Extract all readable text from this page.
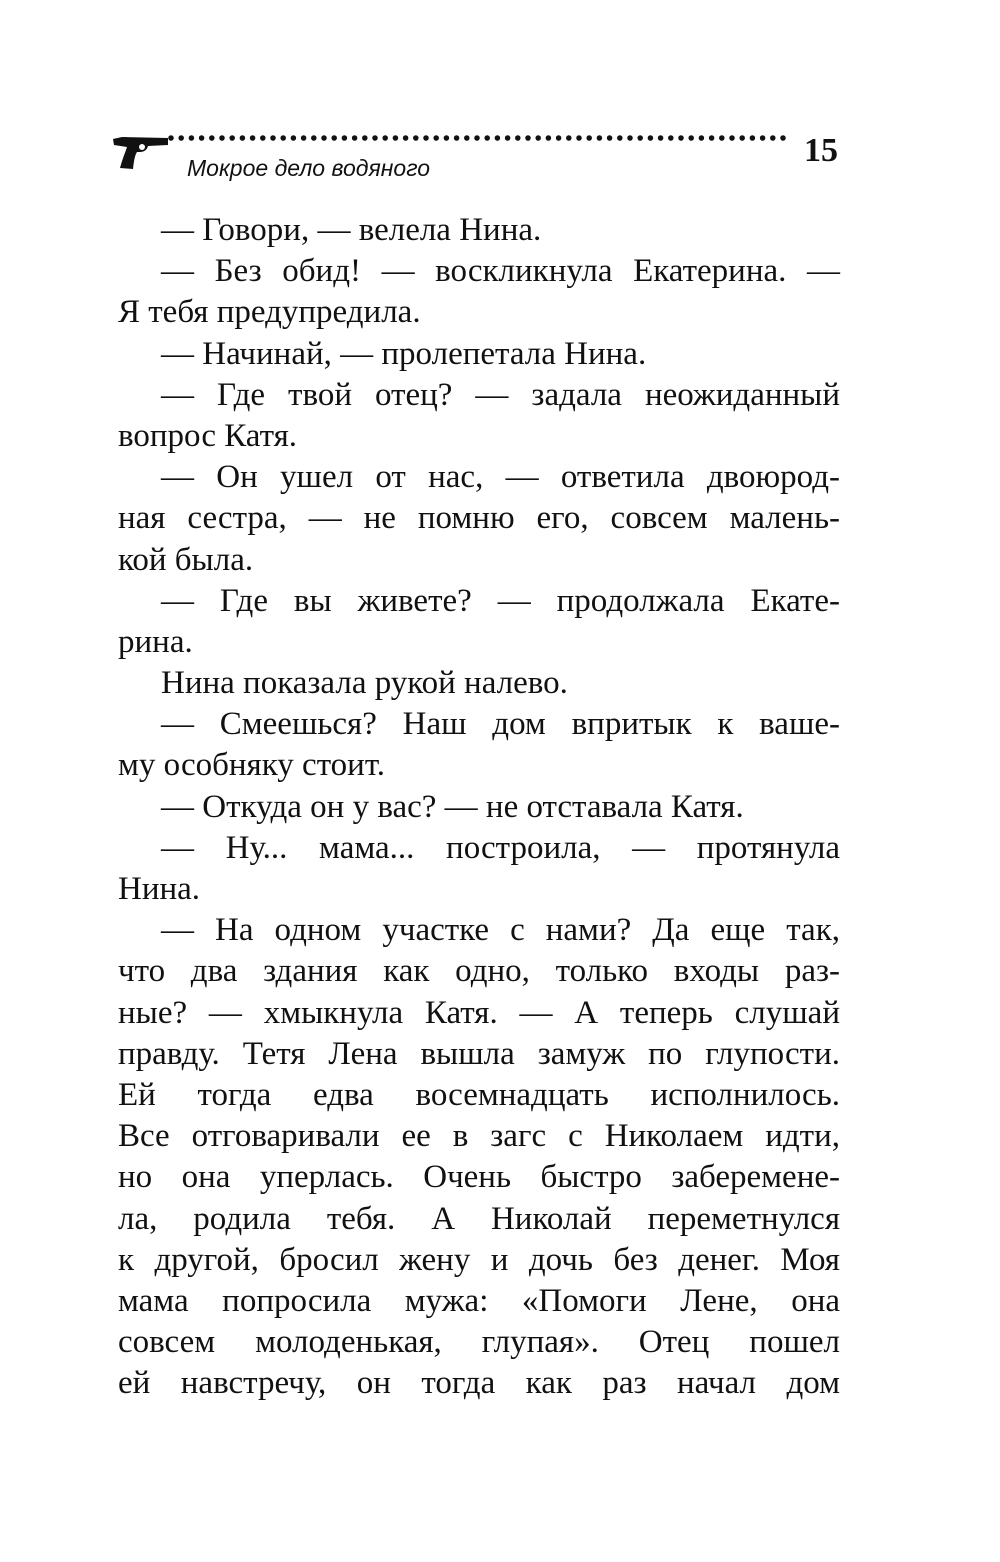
Мокрое дело водяного	15
— Говори, — велела Нина.
— Без обид! — воскликнула Екатерина. —
Я тебя предупредила.
— Начинай, — пролепетала Нина.
— Где твой отец? — задала неожиданный
вопрос Катя.
— Он ушел от нас, — ответила двоюрод-
ная сестра, — не помню его, совсем малень-
кой была.
— Где вы живете? — продолжала Екате-
рина.
Нина показала рукой налево.
— Смеешься? Наш дом впритык к ваше-
му особняку стоит.
— Откуда он у вас? — не отставала Катя.
— Ну... мама... построила, — протянула
Нина.
— На одном участке с нами? Да еще так,
что два здания как одно, только входы раз-
ные? — хмыкнула Катя. — А теперь слушай
правду. Тетя Лена вышла замуж по глупости.
Ей тогда едва восемнадцать исполнилось.
Все отговаривали ее в загс с Николаем идти,
но она уперлась. Очень быстро забеременe-
ла, родила тебя. А Николай переметнулся
к другой, бросил жену и дочь без денег. Моя
мама попросила мужа: «Помоги Лене, она
совсем молоденькая, глупая». Отец пошел
ей навстречу, он тогда как раз начал дом
